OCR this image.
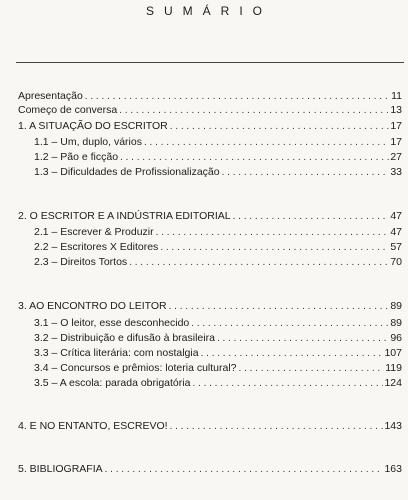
SUMÁRIO
Apresentação . . .	11
Começo de conversa . . .	13
1. A SITUAÇÃO DO ESCRITOR . . .	17
1.1 – Um, duplo, vários . . .	17
1.2 – Pão e ficção . . .	27
1.3 – Dificuldades de Profissionalização . . .	33
2. O ESCRITOR E A INDÚSTRIA EDITORIAL . . .	47
2.1 – Escrever & Produzir . . .	47
2.2 – Escritores X Editores . . .	57
2.3 – Direitos Tortos . . .	70
3. AO ENCONTRO DO LEITOR . . .	89
3.1 – O leitor, esse desconhecido . . .	89
3.2 – Distribuição e difusão à brasileira . . .	96
3.3 – Crítica literária: com nostalgia . . .	107
3.4 – Concursos e prêmios: loteria cultural? . . .	119
3.5 – A escola: parada obrigatória . . .	124
4. E NO ENTANTO, ESCREVO! . . .	143
5. BIBLIOGRAFIA . . .	163
